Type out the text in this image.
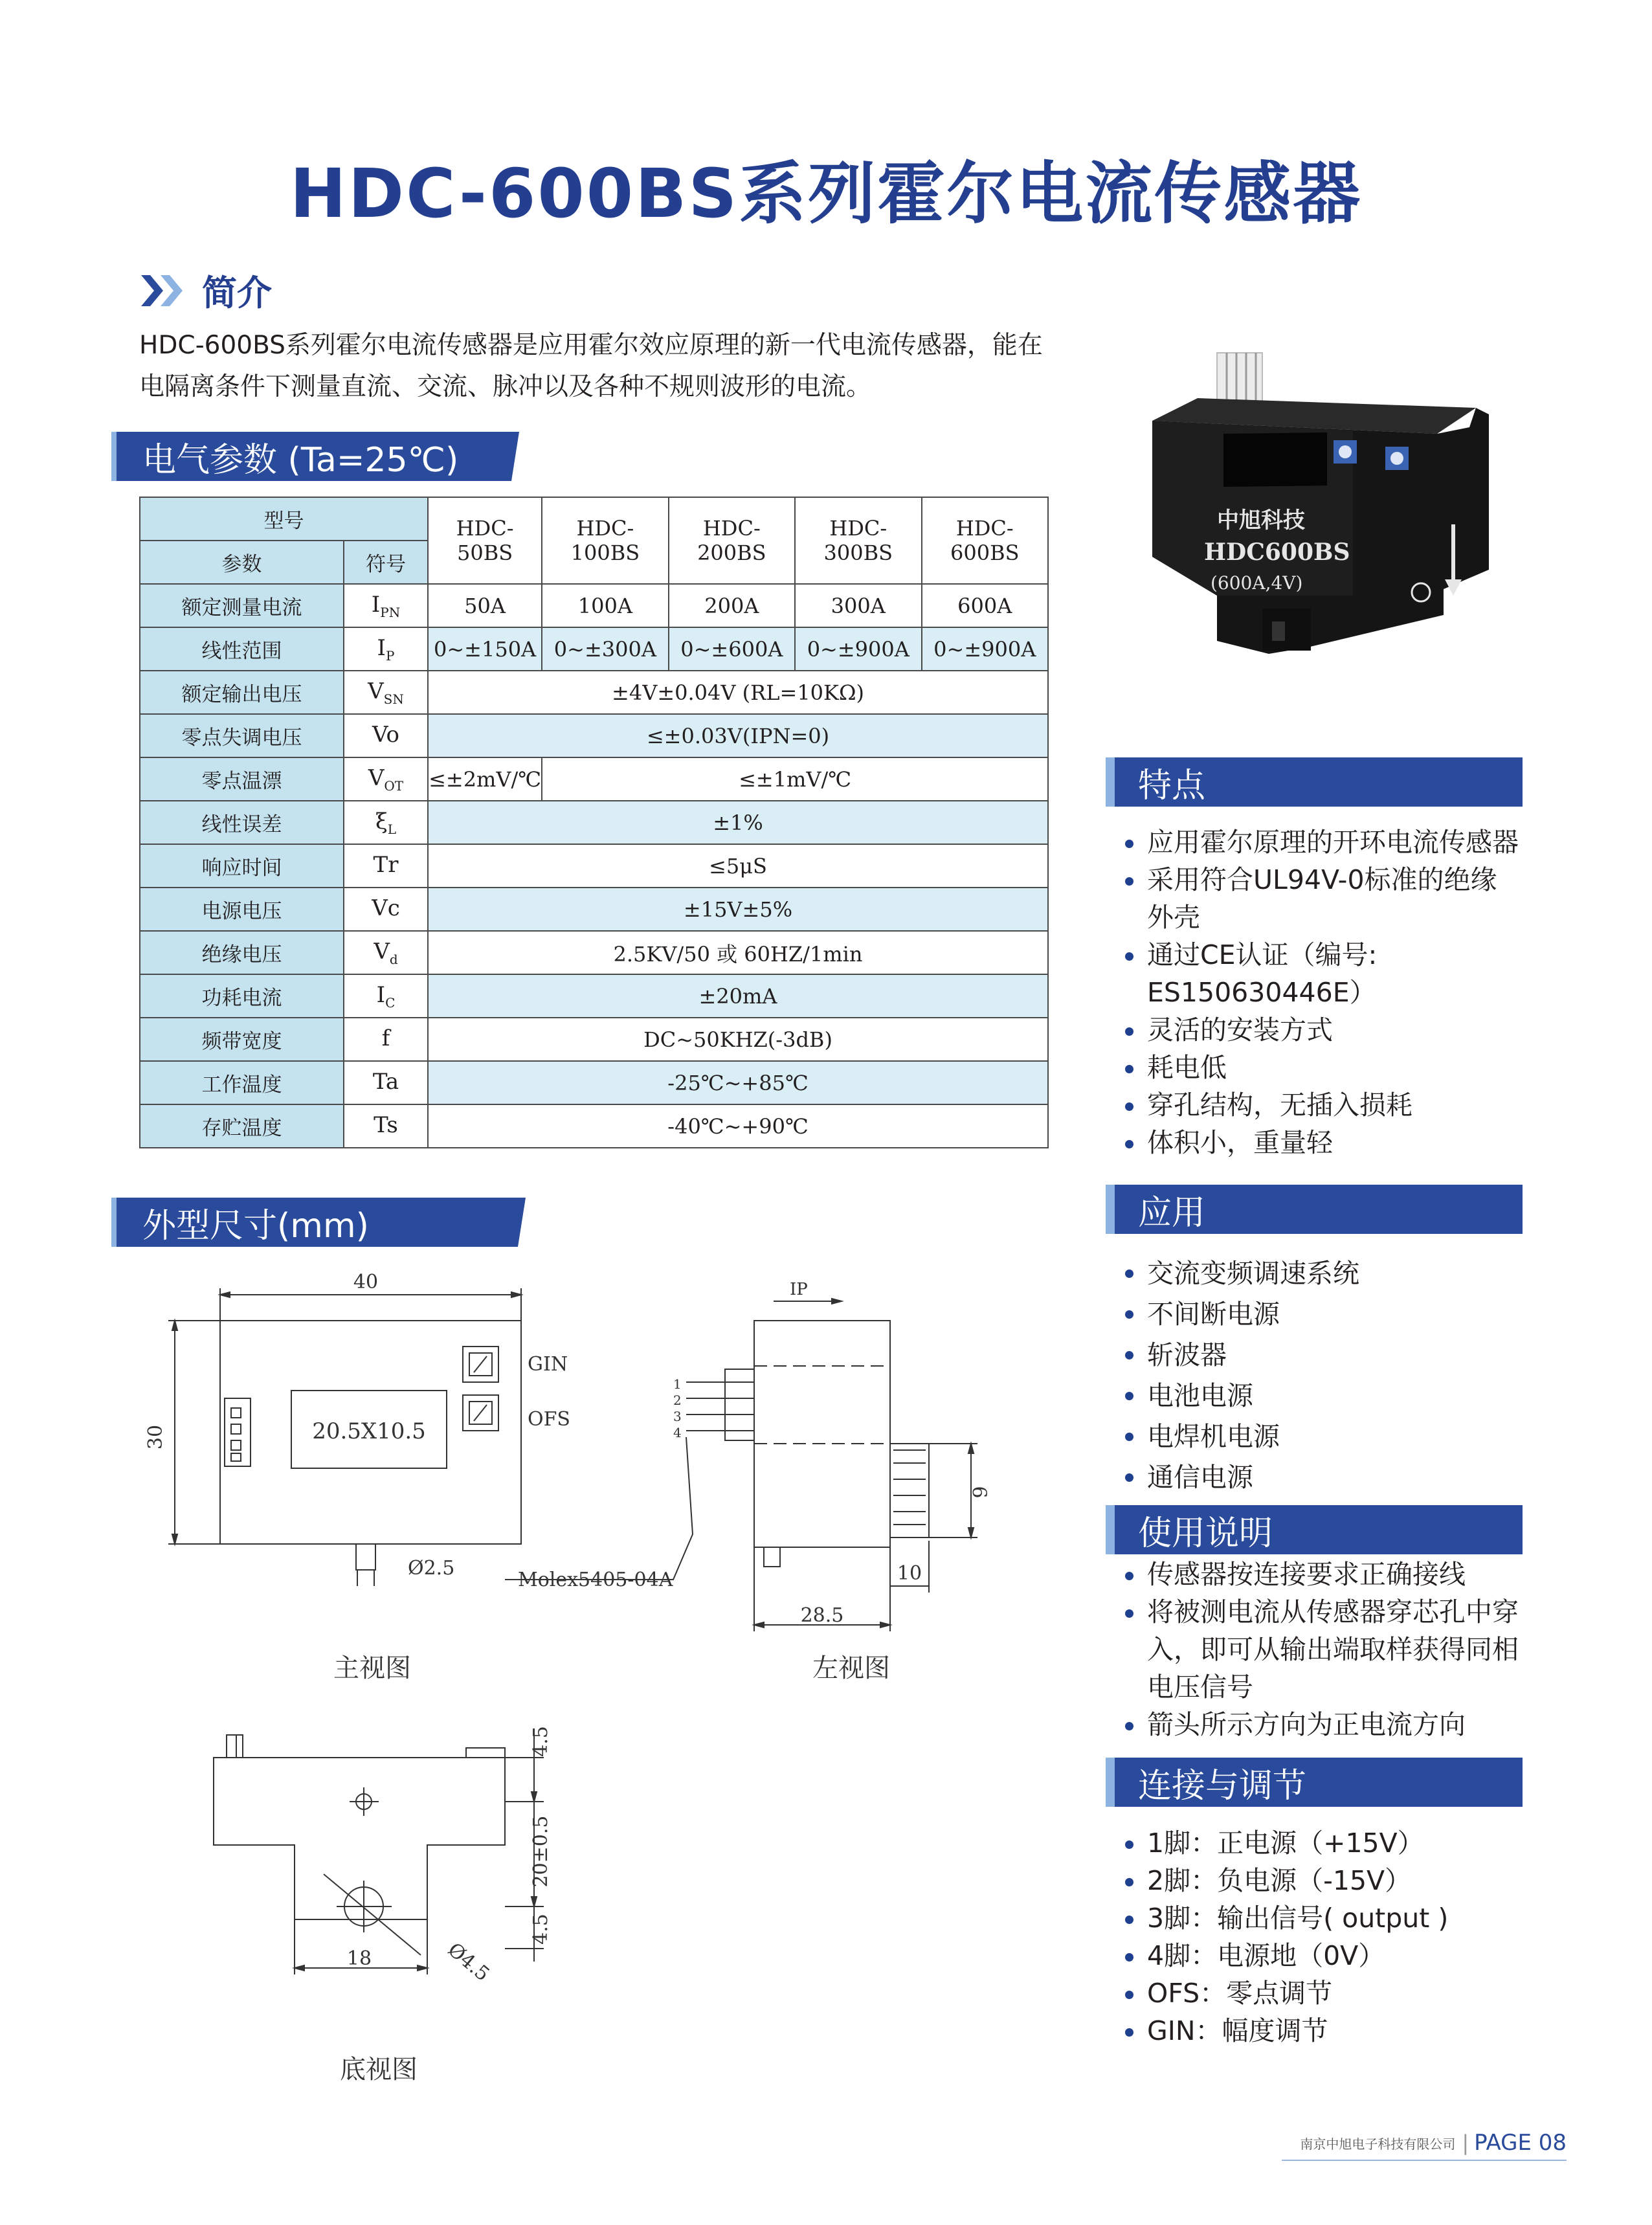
HDC-600BS系列霍尔电流传感器
简介
HDC-600BS系列霍尔电流传感器是应用霍尔效应原理的新一代电流传感器，能在电隔离条件下测量直流、交流、脉冲以及各种不规则波形的电流。
电气参数 (Ta=25℃)
型号		HDC-50BS	HDC-100BS	HDC-200BS	HDC-300BS	HDC-600BS
参数	符号					
额定测量电流	$I_{PN}$	50A	100A	200A	300A	600A
线性范围	$I_P$	0~±150A	0~±300A	0~±600A	0~±900A	0~±900A
额定输出电压	$V_{SN}$	±4V±0.04V (RL=10KΩ)				
零点失调电压	Vo	≤±0.03V(IPN=0)				
零点温漂	$V_{OT}$	≤±2mV/℃	≤±1mV/℃			
线性误差	$\xi_L$	±1%				
响应时间	Tr	≤5μS				
电源电压	Vc	±15V±5%				
绝缘电压	$V_d$	2.5KV/50 或 60HZ/1min				
功耗电流	$I_C$	±20mA				
频带宽度	f	DC~50KHZ(-3dB)				
工作温度	Ta	-25℃~+85℃				
存贮温度	Ts	-40℃~+90℃				
中旭科技
HDC600BS
(600A,4V)
特点
应用霍尔原理的开环电流传感器
采用符合UL94V-0标准的绝缘
外壳
通过CE认证（编号:
ES150630446E）
灵活的安装方式
耗电低
穿孔结构，无插入损耗
体积小，重量轻
应用
交流变频调速系统
不间断电源
斩波器
电池电源
电焊机电源
通信电源
使用说明
传感器按连接要求正确接线
将被测电流从传感器穿芯孔中穿
入，即可从输出端取样获得同相
电压信号
箭头所示方向为正电流方向
连接与调节
1脚：正电源（+15V）
2脚：负电源（-15V）
3脚：输出信号( output )
4脚：电源地（0V）
OFS：零点调节
GIN：幅度调节
外型尺寸(mm)
40
30	20.5X10.5
GIN
OFS
Ø2.5
Molex5405-04A
IP
1
2
3
4
28.5
10
9
主视图	左视图
4.5
20±0.5
4.5
18	Ø4.5
底视图
南京中旭电子科技有限公司 | PAGE 08
